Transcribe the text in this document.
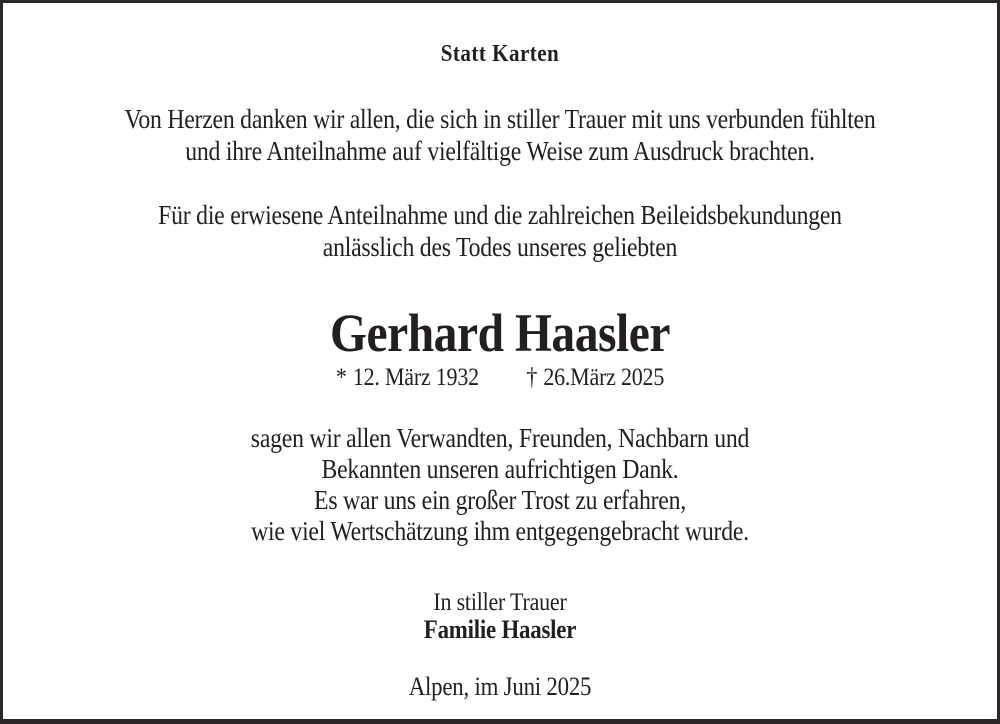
Statt Karten
Von Herzen danken wir allen, die sich in stiller Trauer mit uns verbunden fühlten
und ihre Anteilnahme auf vielfältige Weise zum Ausdruck brachten.
Für die erwiesene Anteilnahme und die zahlreichen Beileidsbekundungen
anlässlich des Todes unseres geliebten
Gerhard Haasler
* 12. März 1932 † 26.März 2025
sagen wir allen Verwandten, Freunden, Nachbarn und
Bekannten unseren aufrichtigen Dank.
Es war uns ein großer Trost zu erfahren,
wie viel Wertschätzung ihm entgegengebracht wurde.
In stiller Trauer
Familie Haasler
Alpen, im Juni 2025
